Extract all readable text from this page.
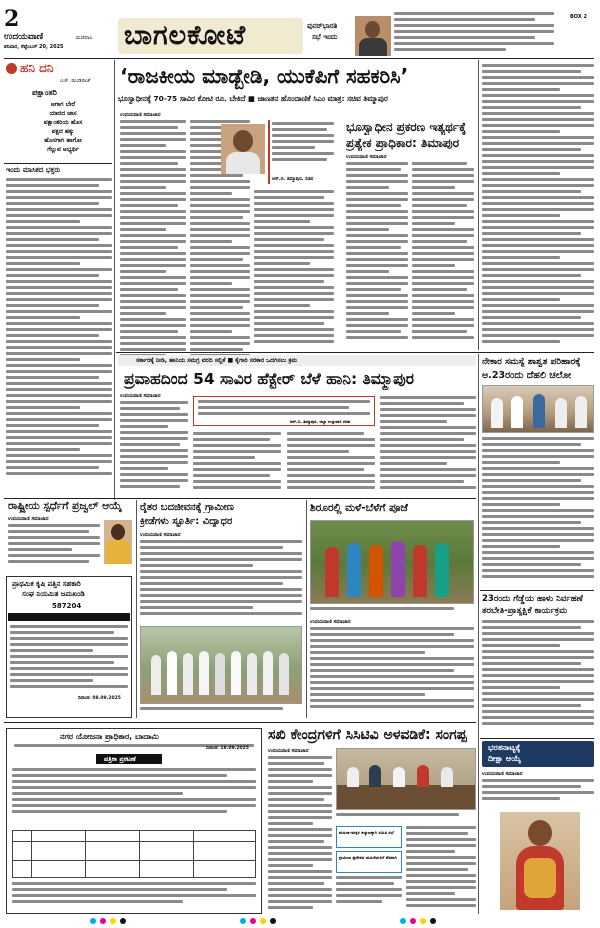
2
ಉದಯವಾಣಿ	ಮಣಿಪಾಲ
ಶನಿವಾರ, ಸೆಪ್ಟೆಂಬರ್ 20, 2025 ಬಾಗಲಕೋಟೆ	ಪುನರ್‌ಭಾರತಿ
ಸಭೆ ಇಂದು
BOX 2
ಹನಿ ದನಿ
ಎಚ್. ಡುಂಡಿರಾಜ್
ಪಕ್ಷಾಂತರಿ
ಆಗಾಗ ಬೇರೆ
ಯಾರದ ಜಾಸ
ಪಕ್ಷಾಂತರಿಯ ಹೊಸ
ಪಕ್ಷದ ಹಕ್ಕು
ಹೊಸಗಾಗಿ ಹಾಗೋ
ಗೆಲ್ಲುವ ಅಭ್ಯರ್ಥಿ
ಇಂದು ಮಾಸಿಕದ ಭಕ್ತರು
‘ರಾಜಕೀಯ ಮಾಡ್ಬೇಡಿ, ಯುಕೆಪಿಗೆ ಸಹಕರಿಸಿ’
ಭೂಸ್ವಾಧೀನಕ್ಕೆ 70-75 ಸಾವಿರ ಕೋಟಿ ರೂ. ಬೇಕಿದೆ ■ ಜಾಣತನ ಹೊಂದಾಣಿಕೆ ಸಿಎಂ ಮಾತ್ರ: ಸಚಿವ ತಿಮ್ಮಾಪುರ
ಉದಯವಾಣಿ ಸಮಾಚಾರ
ಆರ್.ಬಿ. ತಿಮ್ಮಾಪುರ, ಸಚಿವ
ಭೂಸ್ವಾಧೀನ ಪ್ರಕರಣ ಇತ್ಯರ್ಥಕ್ಕೆ
ಪ್ರತ್ಯೇಕ ಪ್ರಾಧಿಕಾರ: ತಿಮಾಪುರ
ಉದಯವಾಣಿ ಸಮಾಚಾರ
ಸರ್ಕಾರಕ್ಕೆ ನೀಡಿ, ಹಾನಿಯ ಸಮಗ್ರ ವರದಿ ಸಲ್ಲಿಕೆ ■ ಕೈಗಾರಿ ಸರಕಾರ ಒದಗಿಸಲು ಕ್ರಮ
ಪ್ರವಾಹದಿಂದ 54 ಸಾವಿರ ಹೆಕ್ಟೇರ್ ಬೆಳೆ ಹಾನಿ: ತಿಮ್ಮಾಪುರ
ಉದಯವಾಣಿ ಸಮಾಚಾರ
ಆರ್.ಬಿ. ತಿಮ್ಮಾಪುರ, ಜಿಲ್ಲಾ ಉಸ್ತುವಾರಿ ಸಚಿವ
ನೇಕಾರ ಸಮಸ್ಯೆ ಶಾಶ್ವತ ಪರಿಹಾರಕ್ಕೆ
ಅ.23ರಂದು ದೆಹಲಿ ಚಲೋ
23ರಂದು ಗೆಡ್ಡೆಯ ಹಾಳು ನಿರ್ವಹಣೆ
ತರಬೇತಿ-ಪ್ರಾತ್ಯಕ್ಷಿಕೆ ಕಾರ್ಯಕ್ರಮ
ಭರತನಾಟ್ಯಕ್ಕೆ
ದೀಕ್ಷಾ ಆಯ್ಕೆ
ಉದಯವಾಣಿ ಸಮಾಚಾರ
ರಾಷ್ಟ್ರೀಯ ಸ್ಪರ್ಧೆಗೆ ಪ್ರಜ್ವಲ್ ಆಯ್ಕೆ
ಉದಯವಾಣಿ ಸಮಾಚಾರ
ಪ್ರಾಥಮಿಕ ಕೃಷಿ ಪತ್ತಿನ ಸಹಕಾರಿ
ಸಂಘ ನಿಯಮಿತ ಜಮಖಂಡಿ
587204
ದಿನಾಂಕ: 08.09.2025
ರೈತರ ಬದಜೀವನಕ್ಕೆ ಗ್ರಾಮೀಣ
ಕ್ರೀಡೆಗಳು ಸ್ಫೂರ್ತಿ: ವಿದ್ಯಾಧರ
ಉದಯವಾಣಿ ಸಮಾಚಾರ
ಶಿರೂರಲ್ಲಿ ಮಳೆ-ಬೆಳೆಗೆ ಪೂಜೆ
ಉದಯವಾಣಿ ಸಮಾಚಾರ
ನಗರ ಯೋಜನಾ ಪ್ರಾಧಿಕಾರ, ಬಾದಾಮಿ
ಪತ್ರಿಕಾ ಪ್ರಕಟಣೆ
ದಿನಾಂಕ: 18.09.2025
ಸಖಿ ಕೇಂದ್ರಗಳಿಗೆ ಸಿಸಿಟಿವಿ ಅಳವಡಿಕೆ: ಸಂಗಪ್ಪ
ಉದಯವಾಣಿ ಸಮಾಚಾರ
ಮಹಿಳಾ-ಮಕ್ಕಳ ಕಲ್ಯಾಣಕ್ಕಾಗಿ ಸಮಿತಿ ಸಭೆ
ಗ್ರಾಮೀಣ ಪ್ರದೇಶದ ಮಹಿಳೆಯರಿಗೆ ನೆರವಾಗಿ
